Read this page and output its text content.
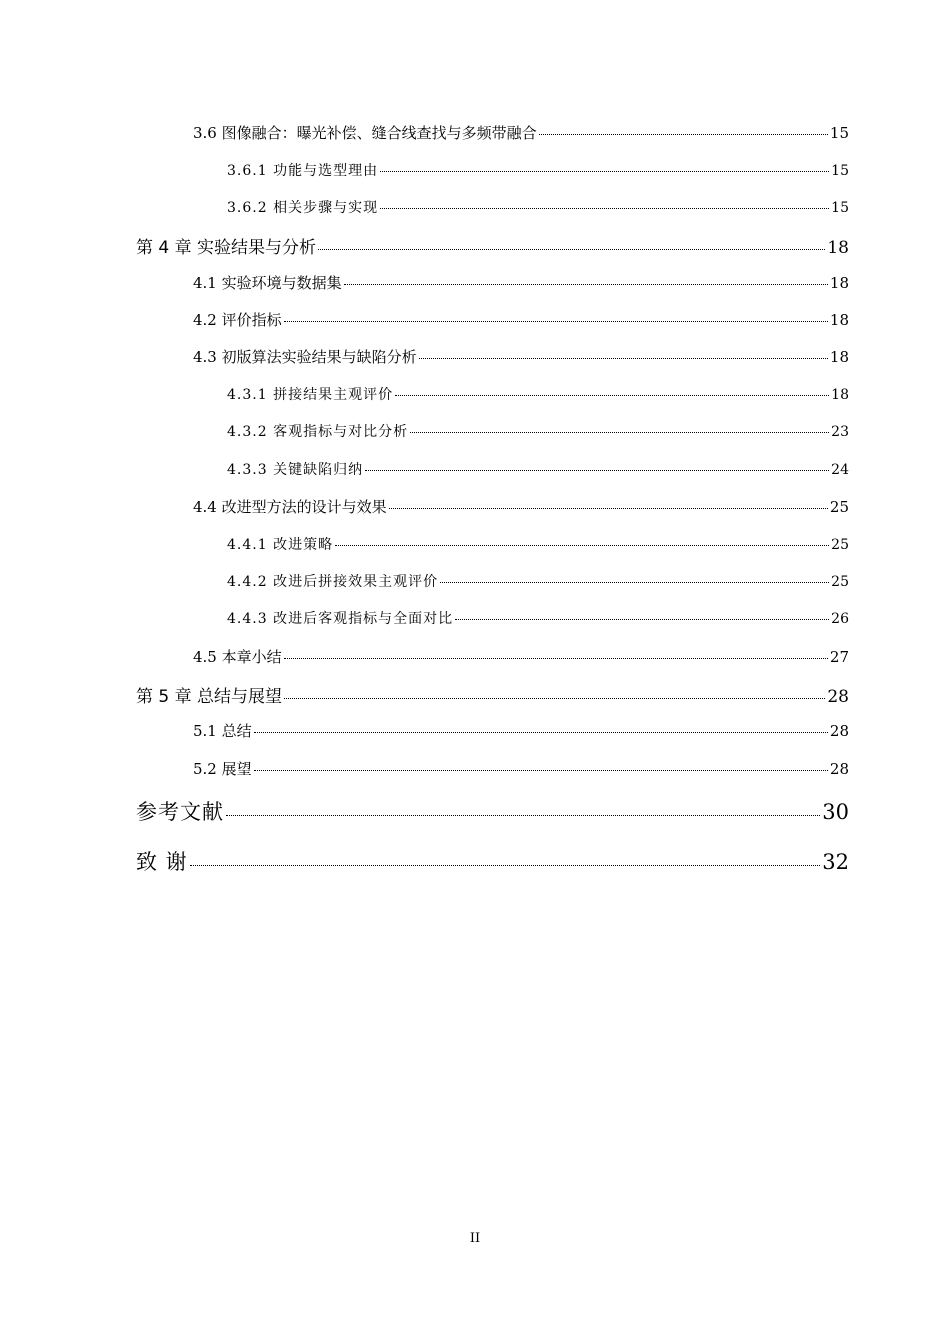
3.6 图像融合：曝光补偿、缝合线查找与多频带融合	15
3.6.1 功能与选型理由	15
3.6.2 相关步骤与实现	15
第 4 章 实验结果与分析	18
4.1 实验环境与数据集	18
4.2 评价指标	18
4.3 初版算法实验结果与缺陷分析	18
4.3.1 拼接结果主观评价	18
4.3.2 客观指标与对比分析	23
4.3.3 关键缺陷归纳	24
4.4 改进型方法的设计与效果	25
4.4.1 改进策略	25
4.4.2 改进后拼接效果主观评价	25
4.4.3 改进后客观指标与全面对比	26
4.5 本章小结	27
第 5 章 总结与展望	28
5.1 总结	28
5.2 展望	28
参考文献	30
致 谢	32
II
